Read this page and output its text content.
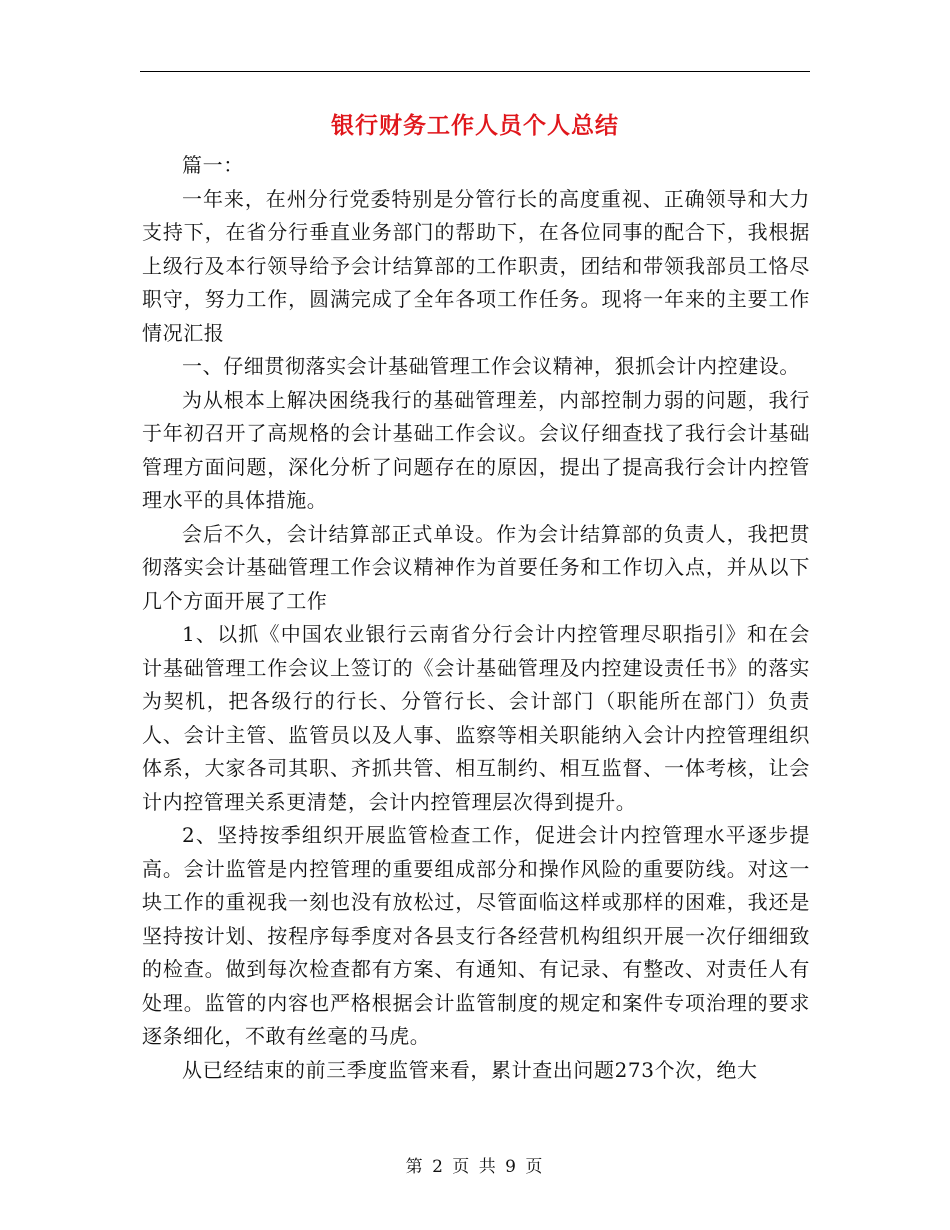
银行财务工作人员个人总结

篇一：

一年来，在州分行党委特别是分管行长的高度重视、正确领导和大力支持下，在省分行垂直业务部门的帮助下，在各位同事的配合下，我根据上级行及本行领导给予会计结算部的工作职责，团结和带领我部员工恪尽职守，努力工作，圆满完成了全年各项工作任务。现将一年来的主要工作情况汇报

一、仔细贯彻落实会计基础管理工作会议精神，狠抓会计内控建设。

为从根本上解决困绕我行的基础管理差，内部控制力弱的问题，我行于年初召开了高规格的会计基础工作会议。会议仔细查找了我行会计基础管理方面问题，深化分析了问题存在的原因，提出了提高我行会计内控管理水平的具体措施。

会后不久，会计结算部正式单设。作为会计结算部的负责人，我把贯彻落实会计基础管理工作会议精神作为首要任务和工作切入点，并从以下几个方面开展了工作

1、以抓《中国农业银行云南省分行会计内控管理尽职指引》和在会计基础管理工作会议上签订的《会计基础管理及内控建设责任书》的落实为契机，把各级行的行长、分管行长、会计部门（职能所在部门）负责人、会计主管、监管员以及人事、监察等相关职能纳入会计内控管理组织体系，大家各司其职、齐抓共管、相互制约、相互监督、一体考核，让会计内控管理关系更清楚，会计内控管理层次得到提升。

2、坚持按季组织开展监管检查工作，促进会计内控管理水平逐步提高。会计监管是内控管理的重要组成部分和操作风险的重要防线。对这一块工作的重视我一刻也没有放松过，尽管面临这样或那样的困难，我还是坚持按计划、按程序每季度对各县支行各经营机构组织开展一次仔细细致的检查。做到每次检查都有方案、有通知、有记录、有整改、对责任人有处理。监管的内容也严格根据会计监管制度的规定和案件专项治理的要求逐条细化，不敢有丝毫的马虎。

从已经结束的前三季度监管来看，累计查出问题273个次，绝大

第 2 页 共 9 页
